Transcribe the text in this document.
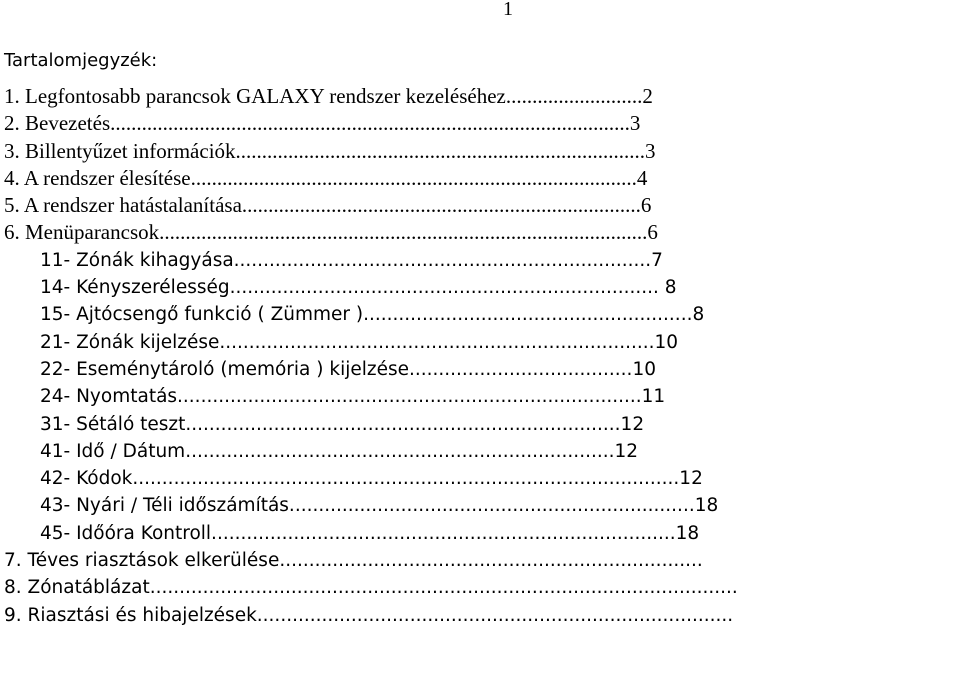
1
Tartalomjegyzék:
1. Legfontosabb parancsok GALAXY rendszer kezeléséhez..........................2
2. Bevezetés...................................................................................................3
3. Billentyűzet információk..............................................................................3
4. A rendszer élesítése.....................................................................................4
5. A rendszer hatástalanítása............................................................................6
6. Menüparancsok.............................................................................................6
11- Zónák kihagyása.......................................................................7
14- Kényszerélesség......................................................................... 8
15- Ajtócsengő funkció ( Zümmer )........................................................8
21- Zónák kijelzése..........................................................................10
22- Eseménytároló (memória ) kijelzése......................................10
24- Nyomtatás...............................................................................11
31- Sétáló teszt..........................................................................12
41- Idő / Dátum.........................................................................12
42- Kódok.............................................................................................12
43- Nyári / Téli időszámítás.....................................................................18
45- Időóra Kontroll...............................................................................18
7. Téves riasztások elkerülése........................................................................
8. Zónatáblázat....................................................................................................
9. Riasztási és hibajelzések.................................................................................
